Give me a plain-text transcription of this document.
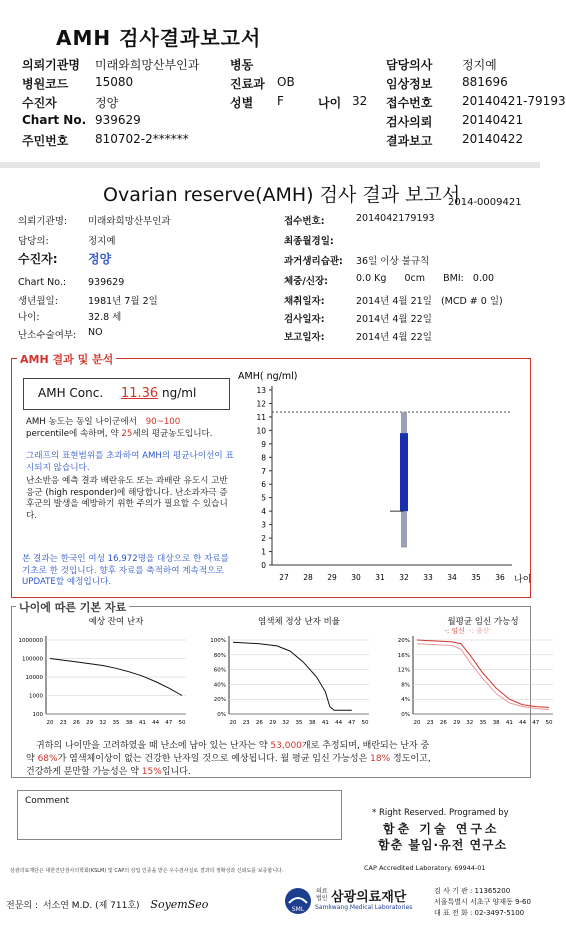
AMH 검사결과보고서
의뢰기관명 미래와희망산부인과	병동	담당의사 정지예
병원코드 15080	진료과 OB	임상정보 881696
수진자	정양	성별 F	나이 32 접수번호 20140421-79193
Chart No. 939629	검사의뢰 20140421
주민번호 810702-2******	결과보고 20140422
Ovarian reserve(AMH) 검사 결과 보고서
2014-0009421
의뢰기관명: 미래와희망산부인과
담당의:	정지예
수진자:	정양
Chart No.: 939629
생년월일:	1981년 7월 2일
나이:	32.8 세
난소수술여부: NO
접수번호:	2014042179193
최종월경일:
과거생리습관: 36일 이상 불규칙
체중/신장:	0.0 Kg      0cm      BMI:   0.00
채취일자:	2014년 4월 21일   (MCD # 0 일)
검사일자:	2014년 4월 22일
보고일자:	2014년 4월 22일
AMH 결과 및 분석
AMH Conc. 11.36 ng/ml
AMH 농도는 동일 나이군에서 90~100
percentile에 속하며, 약 25세의 평균농도입니다.
그래프의 표현범위를 초과하여 AMH의 평균나이선이 표시되지 않습니다.
난소반응 예측 결과 배란유도 또는 과배란 유도시 고반응군 (high responder)에 해당합니다. 난소과자극 증후군의 발생을 예방하기 위한 주의가 필요할 수 있습니다.
본 결과는 한국인 여성 16,972명을 대상으로 한 자료를 기초로 한 것입니다. 향후 자료를 축적하여 계속적으로 UPDATE할 예정입니다.
AMH( ng/ml)
0
1
2
3
4
5
6
7
8
9
10
11
12
13
27 28 29 30 31 32 33 34 35 36 나이
나이에 따른 기본 자료
예상 잔여 난자
1000000
100000
10000
1000
100
20 23 26 29 32 35 38 41 44 47 50
염색체 정상 난자 비율
100%
80%
60%
40%
20%
0%
20 23 26 29 32 35 38 41 44 47 50
월평균 임신 가능성
20%
16%
12%
8%
4%
0%
20 23 26 29 32 35 38 41 44 47 50
-: 임신 -: 출산
귀하의 나이만을 고려하였을 때 난소에 남아 있는 난자는 약 53,000개로 추정되며, 배란되는 난자 중
약 68%가 염색체이상이 없는 건강한 난자일 것으로 예상됩니다. 월 평균 임신 가능성은 18% 정도이고,
건강하게 분만할 가능성은 약 15%입니다.
Comment
* Right Reserved. Programed by
함춘 기술 연구소
함춘 불임·유전 연구소
CAP Accredited Laboratory. 69944-01
삼광의료재단은 대한진단검사의학회(KSLM) 및 CAP의 상업 인증을 받은 우수검사실로 결과의 정확성과 신뢰도를 보증합니다.
전문의 : 서소연 M.D. (제 711호) SoyemSeo	SML
의료법인 삼광의료재단
Samkwang Medical Laboratories
검 사 기 관 : 11365200
서울특별시 서초구 양재동 9-60
대 표 전 화 : 02-3497-5100
